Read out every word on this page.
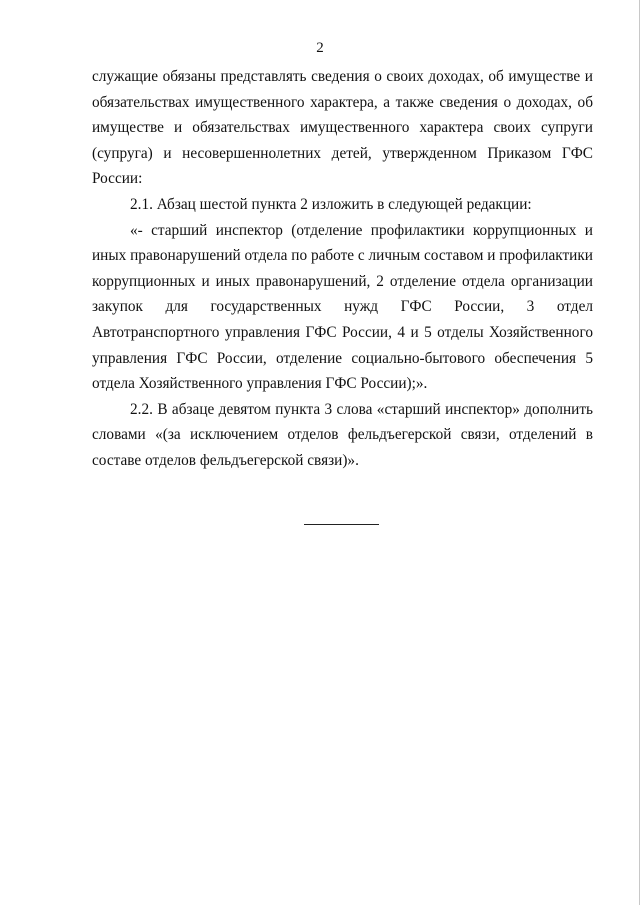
2

служащие обязаны представлять сведения о своих доходах, об имуществе и обязательствах имущественного характера, а также сведения о доходах, об имуществе и обязательствах имущественного характера своих супруги (супруга) и несовершеннолетних детей, утвержденном Приказом ГФС России:

2.1. Абзац шестой пункта 2 изложить в следующей редакции:

«- старший инспектор (отделение профилактики коррупционных и иных правонарушений отдела по работе с личным составом и профилактики коррупционных и иных правонарушений, 2 отделение отдела организации закупок для государственных нужд ГФС России, 3 отдел Автотранспортного управления ГФС России, 4 и 5 отделы Хозяйственного управления ГФС России, отделение социально-бытового обеспечения 5 отдела Хозяйственного управления ГФС России);».

2.2. В абзаце девятом пункта 3 слова «старший инспектор» дополнить словами «(за исключением отделов фельдъегерской связи, отделений в составе отделов фельдъегерской связи)».
